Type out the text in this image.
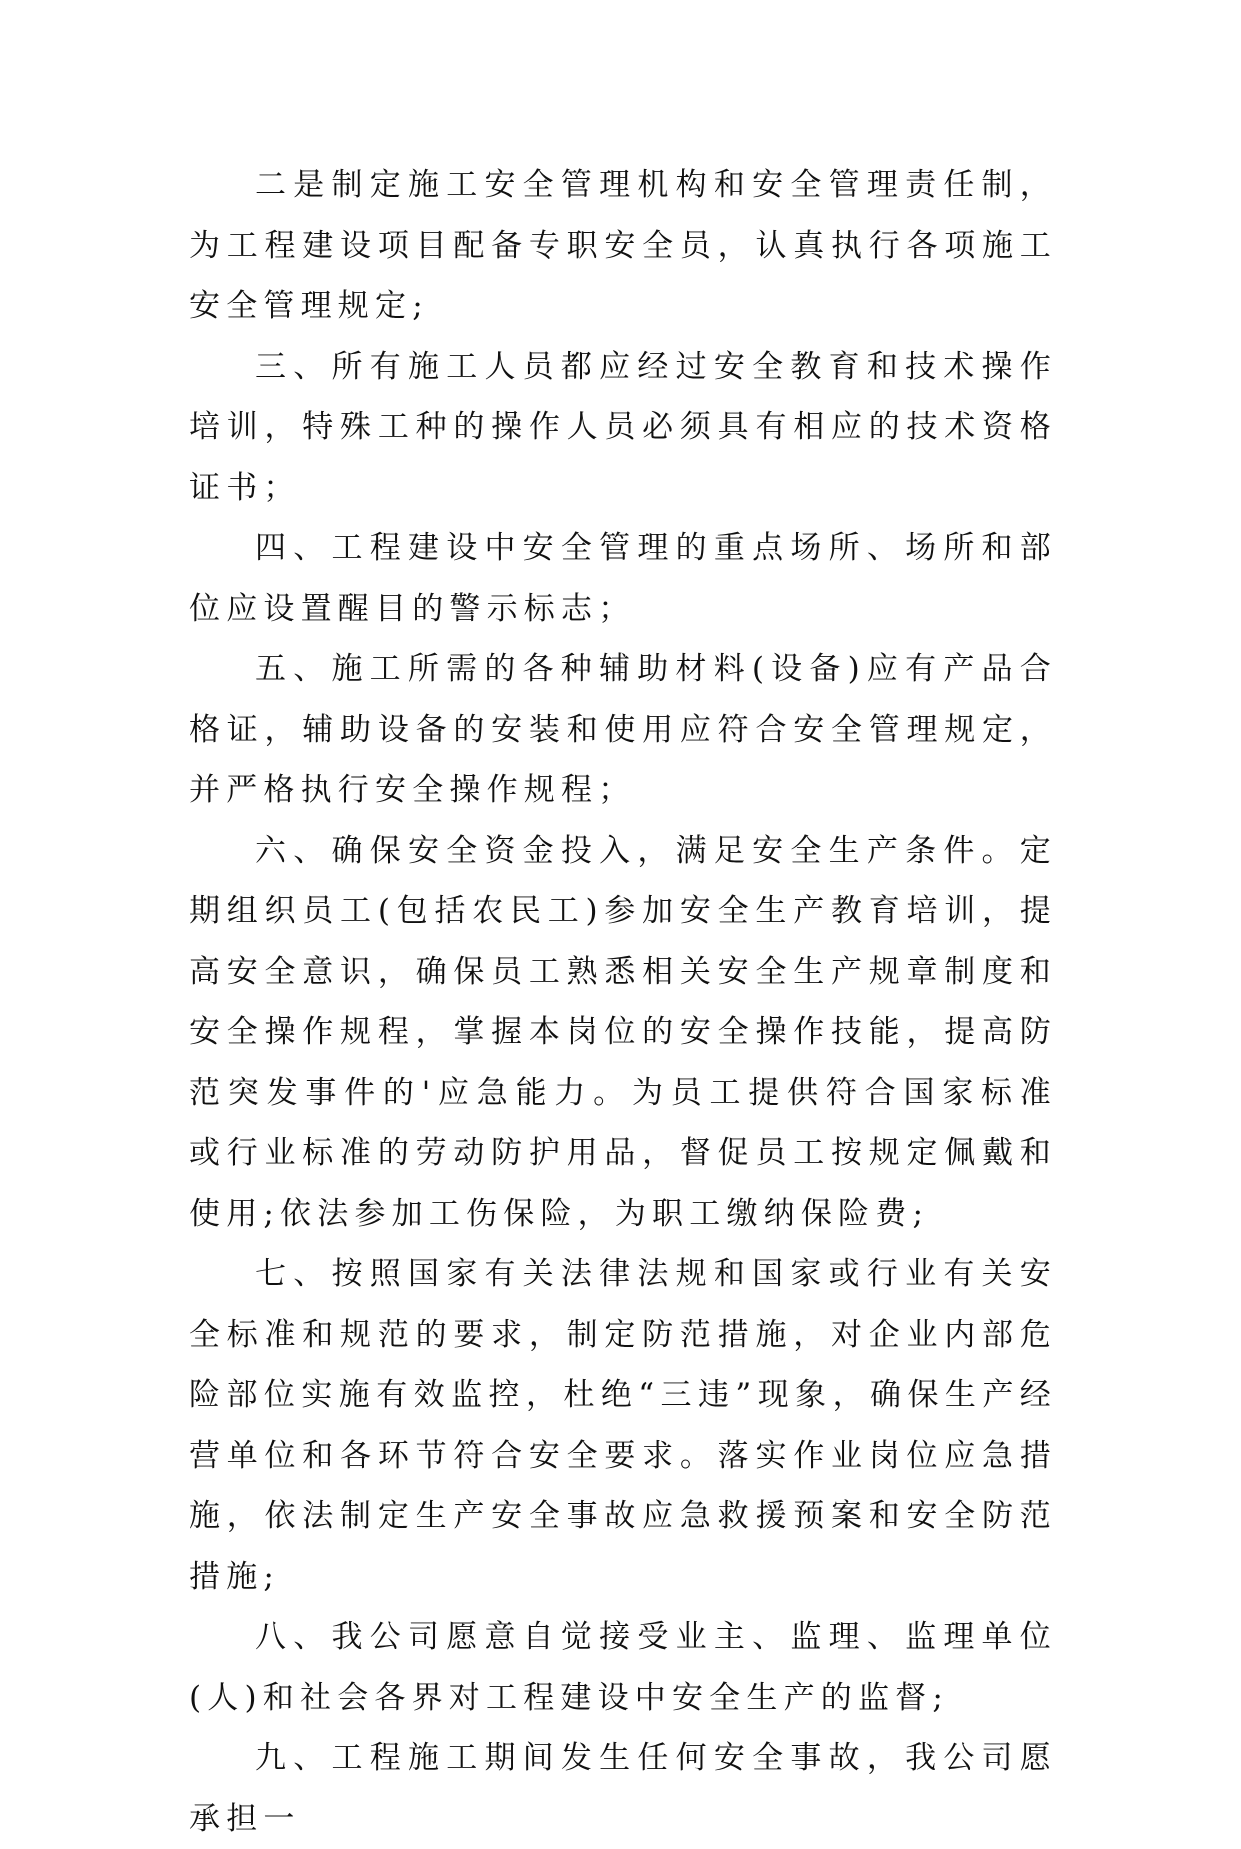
二是制定施工安全管理机构和安全管理责任制，为工程建设项目配备专职安全员，认真执行各项施工安全管理规定;

三、所有施工人员都应经过安全教育和技术操作培训，特殊工种的操作人员必须具有相应的技术资格证书；

四、工程建设中安全管理的重点场所、场所和部位应设置醒目的警示标志；

五、施工所需的各种辅助材料(设备)应有产品合格证，辅助设备的安装和使用应符合安全管理规定，并严格执行安全操作规程；

六、确保安全资金投入，满足安全生产条件。定期组织员工(包括农民工)参加安全生产教育培训，提高安全意识，确保员工熟悉相关安全生产规章制度和安全操作规程，掌握本岗位的安全操作技能，提高防范突发事件的'应急能力。为员工提供符合国家标准或行业标准的劳动防护用品，督促员工按规定佩戴和使用;依法参加工伤保险，为职工缴纳保险费;

七、按照国家有关法律法规和国家或行业有关安全标准和规范的要求，制定防范措施，对企业内部危险部位实施有效监控，杜绝“三违”现象，确保生产经营单位和各环节符合安全要求。落实作业岗位应急措施，依法制定生产安全事故应急救援预案和安全防范措施;

八、我公司愿意自觉接受业主、监理、监理单位(人)和社会各界对工程建设中安全生产的监督;

九、工程施工期间发生任何安全事故，我公司愿承担一
